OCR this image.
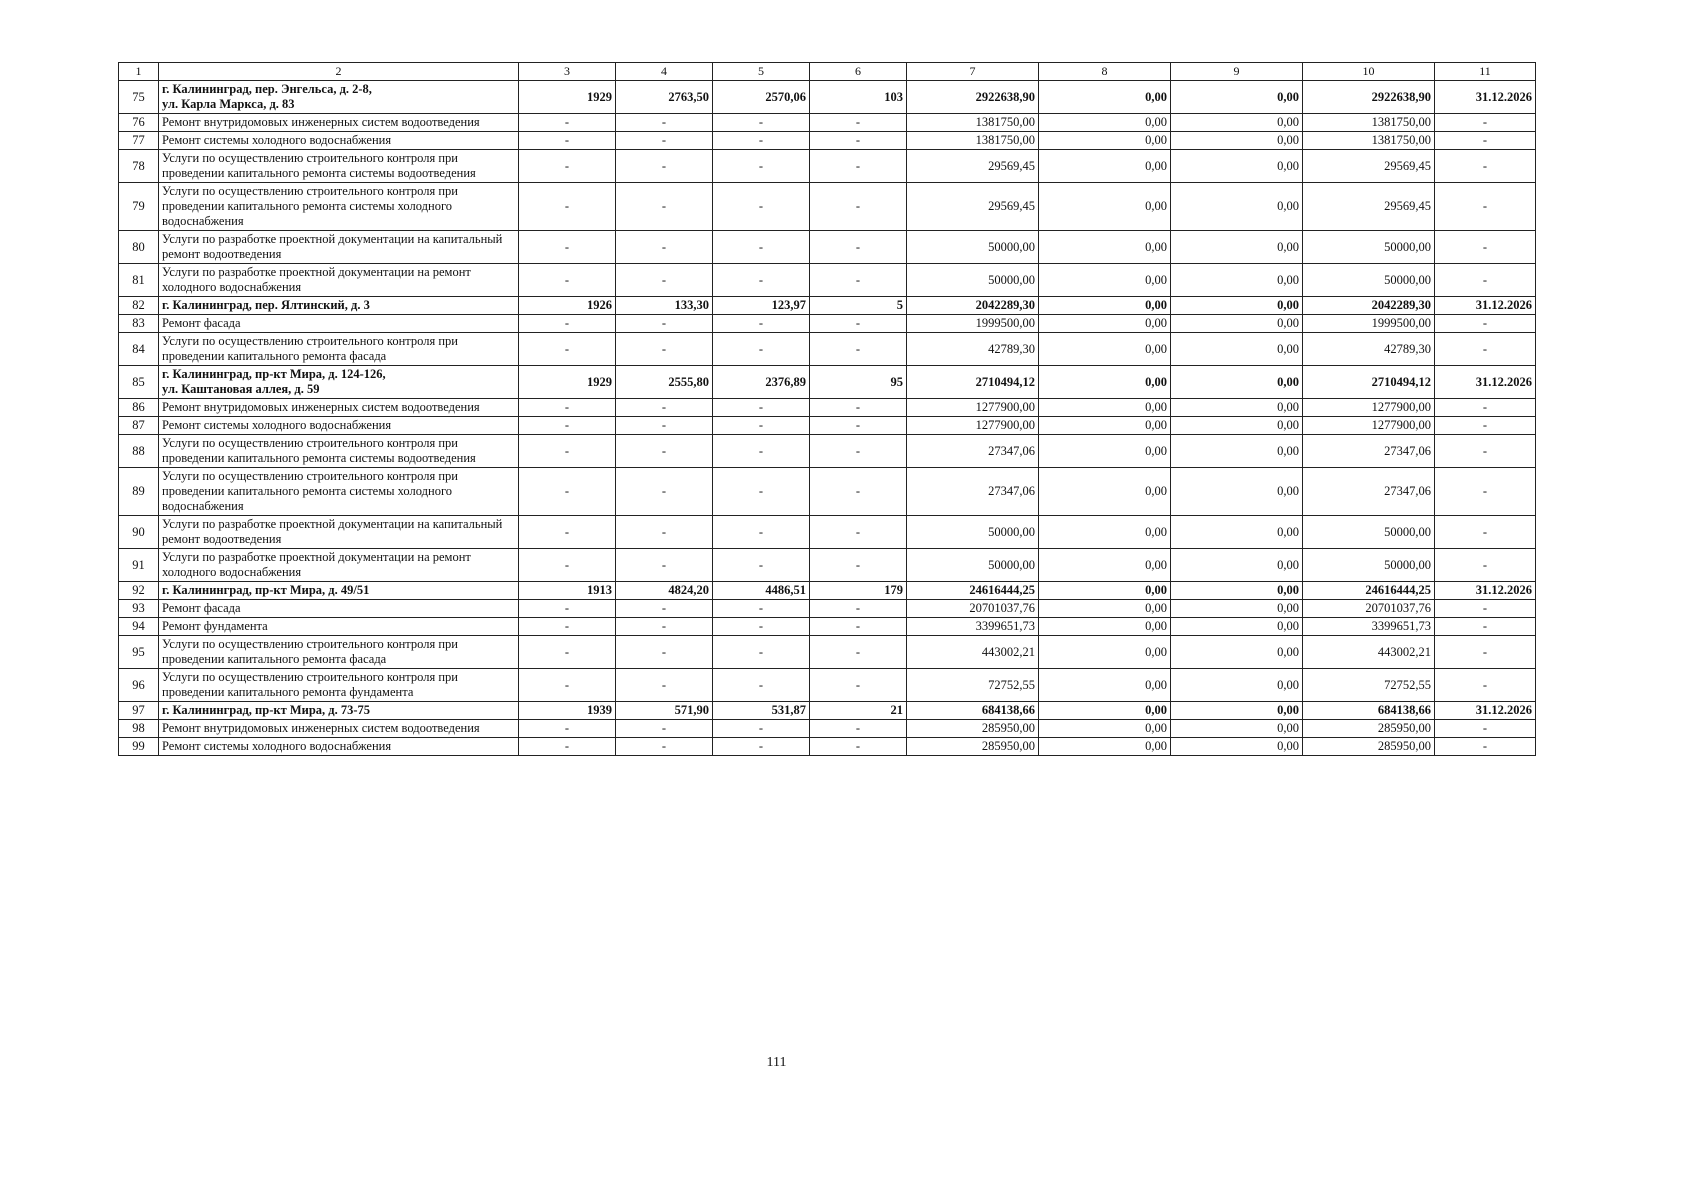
1	2	3	4	5	6	7	8	9	10	11
75	г. Калининград, пер. Энгельса, д. 2-8,
ул. Карла Маркса, д. 83	1929	2763,50	2570,06	103	2922638,90	0,00	0,00	2922638,90	31.12.2026
76	Ремонт внутридомовых инженерных систем водоотведения	-	-	-	-	1381750,00	0,00	0,00	1381750,00	-
77	Ремонт системы холодного водоснабжения	-	-	-	-	1381750,00	0,00	0,00	1381750,00	-
78	Услуги по осуществлению строительного контроля при проведении капитального ремонта системы водоотведения	-	-	-	-	29569,45	0,00	0,00	29569,45	-
79	Услуги по осуществлению строительного контроля при проведении капитального ремонта системы холодного водоснабжения	-	-	-	-	29569,45	0,00	0,00	29569,45	-
80	Услуги по разработке проектной документации на капитальный ремонт водоотведения	-	-	-	-	50000,00	0,00	0,00	50000,00	-
81	Услуги по разработке проектной документации на ремонт холодного водоснабжения	-	-	-	-	50000,00	0,00	0,00	50000,00	-
82	г. Калининград, пер. Ялтинский, д. 3	1926	133,30	123,97	5	2042289,30	0,00	0,00	2042289,30	31.12.2026
83	Ремонт фасада	-	-	-	-	1999500,00	0,00	0,00	1999500,00	-
84	Услуги по осуществлению строительного контроля при проведении капитального ремонта фасада	-	-	-	-	42789,30	0,00	0,00	42789,30	-
85	г. Калининград, пр-кт Мира, д. 124-126,
ул. Каштановая аллея, д. 59	1929	2555,80	2376,89	95	2710494,12	0,00	0,00	2710494,12	31.12.2026
86	Ремонт внутридомовых инженерных систем водоотведения	-	-	-	-	1277900,00	0,00	0,00	1277900,00	-
87	Ремонт системы холодного водоснабжения	-	-	-	-	1277900,00	0,00	0,00	1277900,00	-
88	Услуги по осуществлению строительного контроля при проведении капитального ремонта системы водоотведения	-	-	-	-	27347,06	0,00	0,00	27347,06	-
89	Услуги по осуществлению строительного контроля при проведении капитального ремонта системы холодного водоснабжения	-	-	-	-	27347,06	0,00	0,00	27347,06	-
90	Услуги по разработке проектной документации на капитальный ремонт водоотведения	-	-	-	-	50000,00	0,00	0,00	50000,00	-
91	Услуги по разработке проектной документации на ремонт холодного водоснабжения	-	-	-	-	50000,00	0,00	0,00	50000,00	-
92	г. Калининград, пр-кт Мира, д. 49/51	1913	4824,20	4486,51	179	24616444,25	0,00	0,00	24616444,25	31.12.2026
93	Ремонт фасада	-	-	-	-	20701037,76	0,00	0,00	20701037,76	-
94	Ремонт фундамента	-	-	-	-	3399651,73	0,00	0,00	3399651,73	-
95	Услуги по осуществлению строительного контроля при проведении капитального ремонта фасада	-	-	-	-	443002,21	0,00	0,00	443002,21	-
96	Услуги по осуществлению строительного контроля при проведении капитального ремонта фундамента	-	-	-	-	72752,55	0,00	0,00	72752,55	-
97	г. Калининград, пр-кт Мира, д. 73-75	1939	571,90	531,87	21	684138,66	0,00	0,00	684138,66	31.12.2026
98	Ремонт внутридомовых инженерных систем водоотведения	-	-	-	-	285950,00	0,00	0,00	285950,00	-
99	Ремонт системы холодного водоснабжения	-	-	-	-	285950,00	0,00	0,00	285950,00	-
111
